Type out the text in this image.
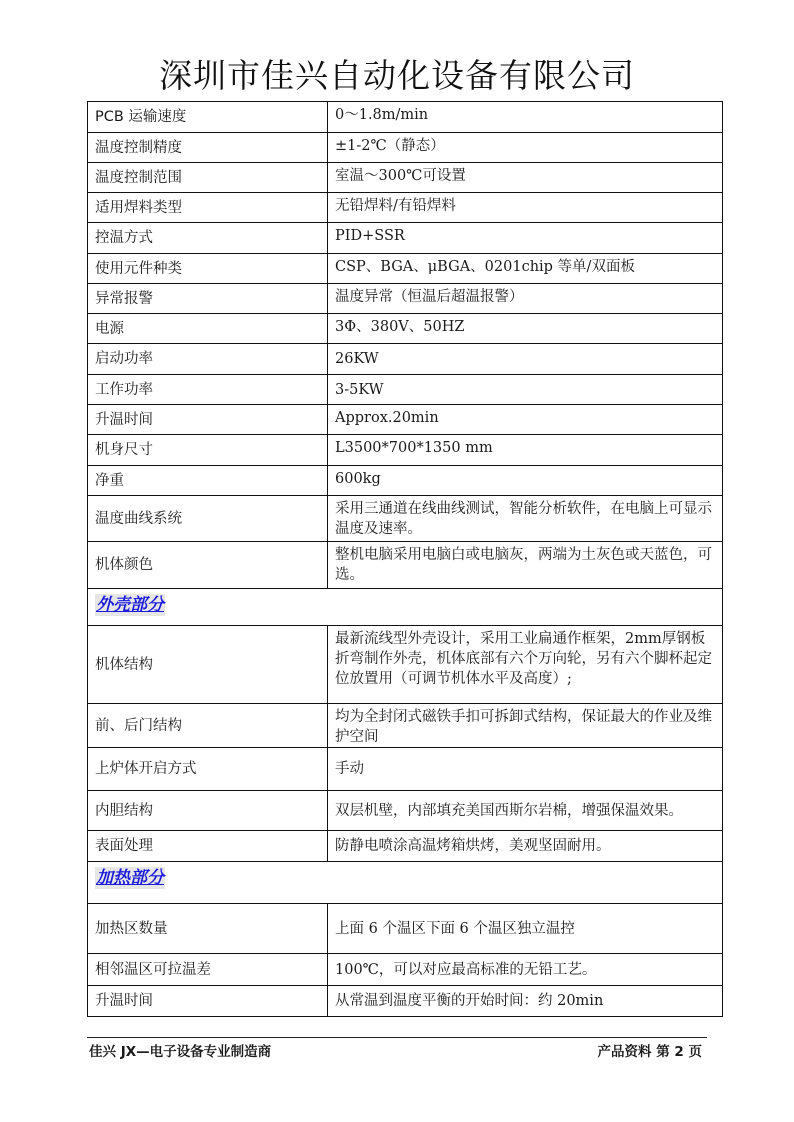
深圳市佳兴自动化设备有限公司
PCB 运输速度	0～1.8m/min
温度控制精度	±1-2℃（静态）
温度控制范围	室温～300℃可设置
适用焊料类型	无铅焊料/有铅焊料
控温方式	PID+SSR
使用元件种类	CSP、BGA、μBGA、0201chip 等单/双面板
异常报警	温度异常（恒温后超温报警）
电源	3Φ、380V、50HZ
启动功率	26KW
工作功率	3-5KW
升温时间	Approx.20min
机身尺寸	L3500*700*1350 mm
净重	600kg
温度曲线系统	采用三通道在线曲线测试，智能分析软件，在电脑上可显示温度及速率。
机体颜色	整机电脑采用电脑白或电脑灰，两端为土灰色或天蓝色，可选。
外壳部分	
机体结构	最新流线型外壳设计，采用工业扁通作框架，2mm厚钢板折弯制作外壳，机体底部有六个万向轮，另有六个脚杯起定位放置用（可调节机体水平及高度）;
前、后门结构	均为全封闭式磁铁手扣可拆卸式结构，保证最大的作业及维护空间
上炉体开启方式	手动
内胆结构	双层机壁，内部填充美国西斯尔岩棉，增强保温效果。
表面处理	防静电喷涂高温烤箱烘烤，美观坚固耐用。
加热部分	
加热区数量	上面 6 个温区下面 6 个温区独立温控
相邻温区可拉温差	100℃，可以对应最高标准的无铅工艺。
升温时间	从常温到温度平衡的开始时间：约 20min
佳兴 JX—电子设备专业制造商	产品资料 第 2 页
